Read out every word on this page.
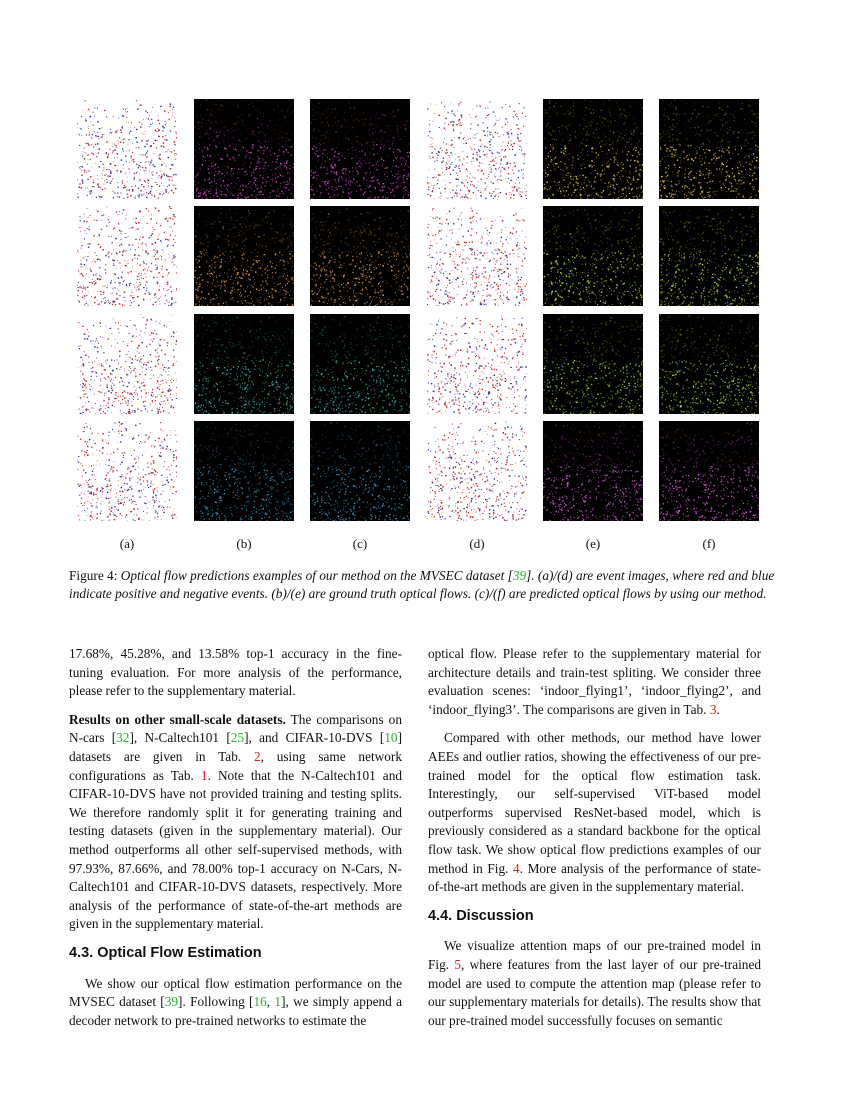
(a)	(b)	(c)	(d)	(e)	(f)
Figure 4: Optical flow predictions examples of our method on the MVSEC dataset [39]. (a)/(d) are event images, where red and blue indicate positive and negative events. (b)/(e) are ground truth optical flows. (c)/(f) are predicted optical flows by using our method.

17.68%, 45.28%, and 13.58% top-1 accuracy in the fine-tuning evaluation. For more analysis of the performance, please refer to the supplementary material.

Results on other small-scale datasets. The comparisons on N-cars [32], N-Caltech101 [25], and CIFAR-10-DVS [10] datasets are given in Tab. 2, using same network configurations as Tab. 1. Note that the N-Caltech101 and CIFAR-10-DVS have not provided training and testing splits. We therefore randomly split it for generating training and testing datasets (given in the supplementary material). Our method outperforms all other self-supervised methods, with 97.93%, 87.66%, and 78.00% top-1 accuracy on N-Cars, N-Caltech101 and CIFAR-10-DVS datasets, respectively. More analysis of the performance of state-of-the-art methods are given in the supplementary material.

4.3. Optical Flow Estimation

We show our optical flow estimation performance on the MVSEC dataset [39]. Following [16, 1], we simply append a decoder network to pre-trained networks to estimate the

optical flow. Please refer to the supplementary material for architecture details and train-test spliting. We consider three evaluation scenes: ‘indoor_flying1’, ‘indoor_flying2’, and ‘indoor_flying3’. The comparisons are given in Tab. 3.

Compared with other methods, our method have lower AEEs and outlier ratios, showing the effectiveness of our pre-trained model for the optical flow estimation task. Interestingly, our self-supervised ViT-based model outperforms supervised ResNet-based model, which is previously considered as a standard backbone for the optical flow task. We show optical flow predictions examples of our method in Fig. 4. More analysis of the performance of state-of-the-art methods are given in the supplementary material.

4.4. Discussion

We visualize attention maps of our pre-trained model in Fig. 5, where features from the last layer of our pre-trained model are used to compute the attention map (please refer to our supplementary materials for details). The results show that our pre-trained model successfully focuses on semantic
